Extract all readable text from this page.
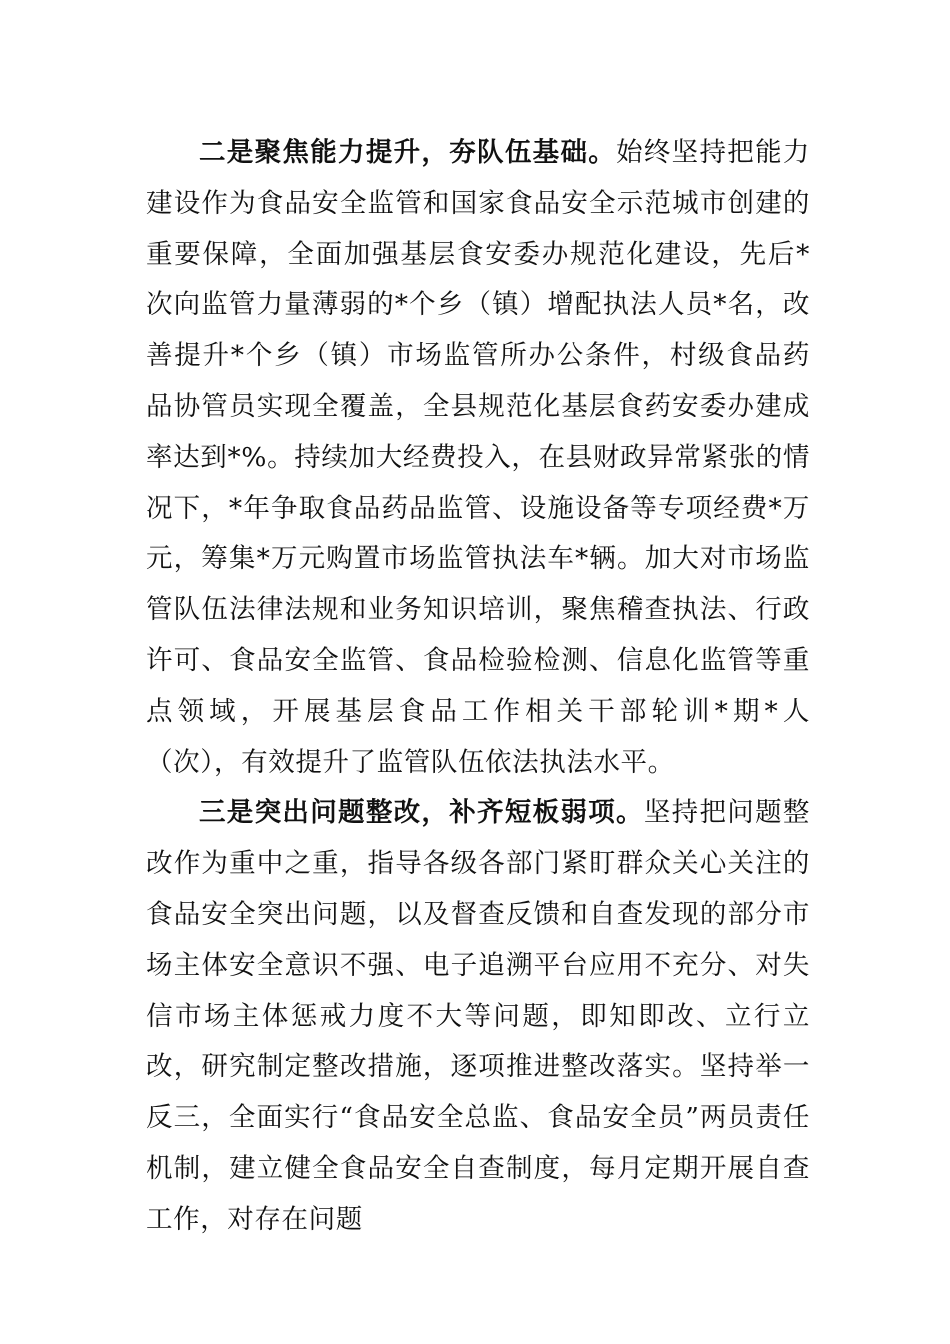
二是聚焦能力提升，夯队伍基础。始终坚持把能力建设作为食品安全监管和国家食品安全示范城市创建的重要保障，全面加强基层食安委办规范化建设，先后*次向监管力量薄弱的*个乡（镇）增配执法人员*名，改善提升*个乡（镇）市场监管所办公条件，村级食品药品协管员实现全覆盖，全县规范化基层食药安委办建成率达到*%。持续加大经费投入，在县财政异常紧张的情况下，*年争取食品药品监管、设施设备等专项经费*万元，筹集*万元购置市场监管执法车*辆。加大对市场监管队伍法律法规和业务知识培训，聚焦稽查执法、行政许可、食品安全监管、食品检验检测、信息化监管等重点领域，开展基层食品工作相关干部轮训*期*人（次），有效提升了监管队伍依法执法水平。

三是突出问题整改，补齐短板弱项。坚持把问题整改作为重中之重，指导各级各部门紧盯群众关心关注的食品安全突出问题，以及督查反馈和自查发现的部分市场主体安全意识不强、电子追溯平台应用不充分、对失信市场主体惩戒力度不大等问题，即知即改、立行立改，研究制定整改措施，逐项推进整改落实。坚持举一反三，全面实行“食品安全总监、食品安全员”两员责任机制，建立健全食品安全自查制度，每月定期开展自查工作，对存在问题
